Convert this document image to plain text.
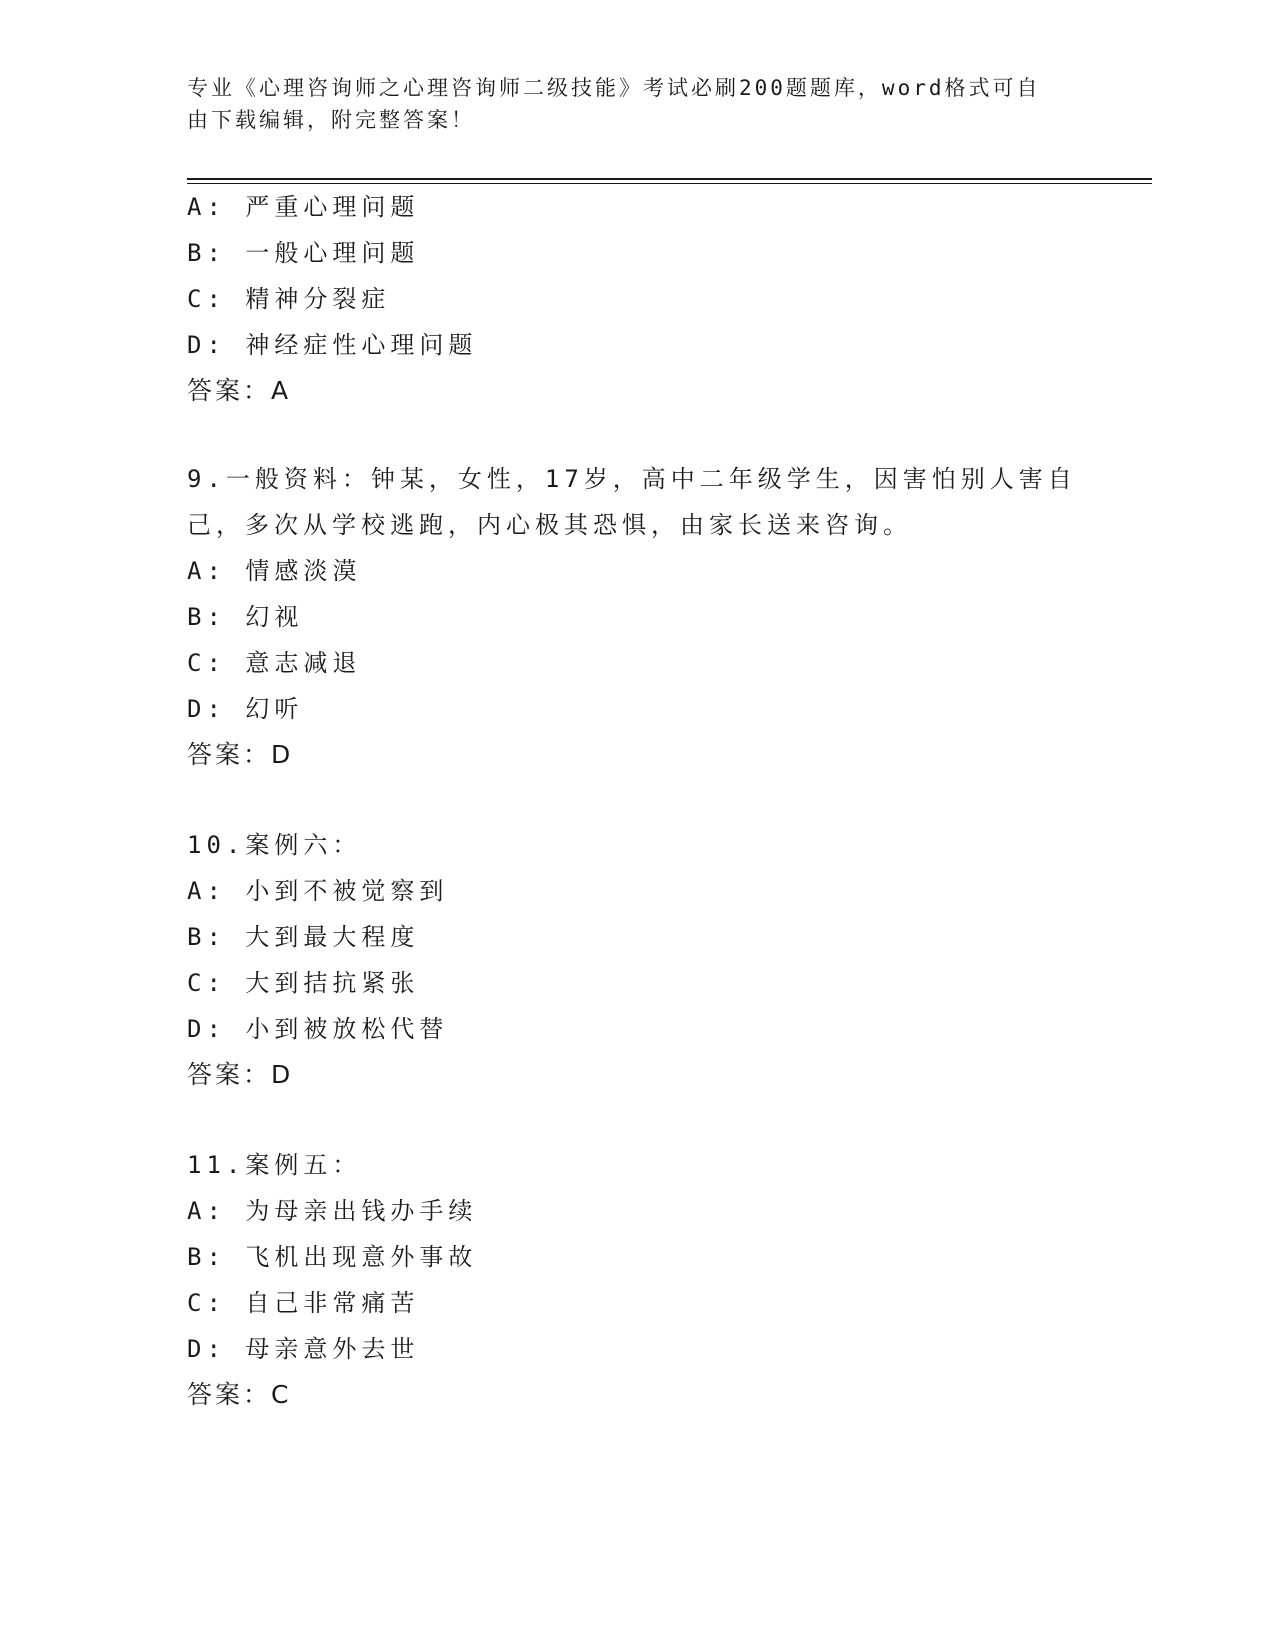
专业《心理咨询师之心理咨询师二级技能》考试必刷200题题库，word格式可自
由下载编辑，附完整答案！
A: 严重心理问题
B: 一般心理问题
C: 精神分裂症
D: 神经症性心理问题
答案：A
9.一般资料：钟某，女性，17岁，高中二年级学生，因害怕别人害自
己，多次从学校逃跑，内心极其恐惧，由家长送来咨询。
A: 情感淡漠
B: 幻视
C: 意志减退
D: 幻听
答案：D
10.案例六：
A: 小到不被觉察到
B: 大到最大程度
C: 大到拮抗紧张
D: 小到被放松代替
答案：D
11.案例五：
A: 为母亲出钱办手续
B: 飞机出现意外事故
C: 自己非常痛苦
D: 母亲意外去世
答案：C
